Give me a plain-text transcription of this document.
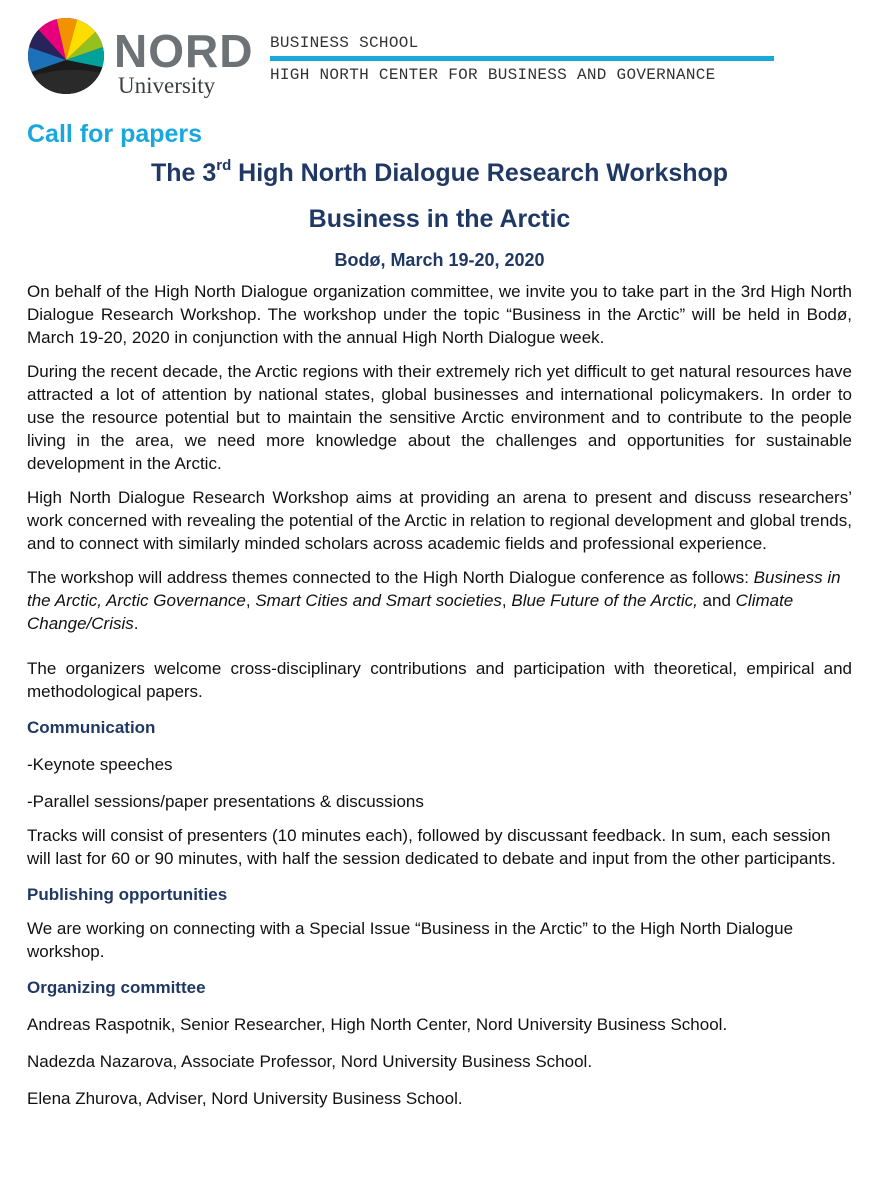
NORD
University
BUSINESS SCHOOL
HIGH NORTH CENTER FOR BUSINESS AND GOVERNANCE
Call for papers
The 3rd High North Dialogue Research Workshop
Business in the Arctic
Bodø, March 19-20, 2020

On behalf of the High North Dialogue organization committee, we invite you to take part in the 3rd High North Dialogue Research Workshop. The workshop under the topic “Business in the Arctic” will be held in Bodø, March 19-20, 2020 in conjunction with the annual High North Dialogue week.

During the recent decade, the Arctic regions with their extremely rich yet difficult to get natural resources have attracted a lot of attention by national states, global businesses and international policymakers. In order to use the resource potential but to maintain the sensitive Arctic environment and to contribute to the people living in the area, we need more knowledge about the challenges and opportunities for sustainable development in the Arctic.

High North Dialogue Research Workshop aims at providing an arena to present and discuss researchers’ work concerned with revealing the potential of the Arctic in relation to regional development and global trends, and to connect with similarly minded scholars across academic fields and professional experience.

The workshop will address themes connected to the High North Dialogue conference as follows: Business in the Arctic, Arctic Governance, Smart Cities and Smart societies, Blue Future of the Arctic, and Climate Change/Crisis.

The organizers welcome cross-disciplinary contributions and participation with theoretical, empirical and methodological papers.

Communication
-Keynote speeches
-Parallel sessions/paper presentations & discussions

Tracks will consist of presenters (10 minutes each), followed by discussant feedback. In sum, each session will last for 60 or 90 minutes, with half the session dedicated to debate and input from the other participants.

Publishing opportunities

We are working on connecting with a Special Issue “Business in the Arctic” to the High North Dialogue workshop.

Organizing committee
Andreas Raspotnik, Senior Researcher, High North Center, Nord University Business School.
Nadezda Nazarova, Associate Professor, Nord University Business School.
Elena Zhurova, Adviser, Nord University Business School.
